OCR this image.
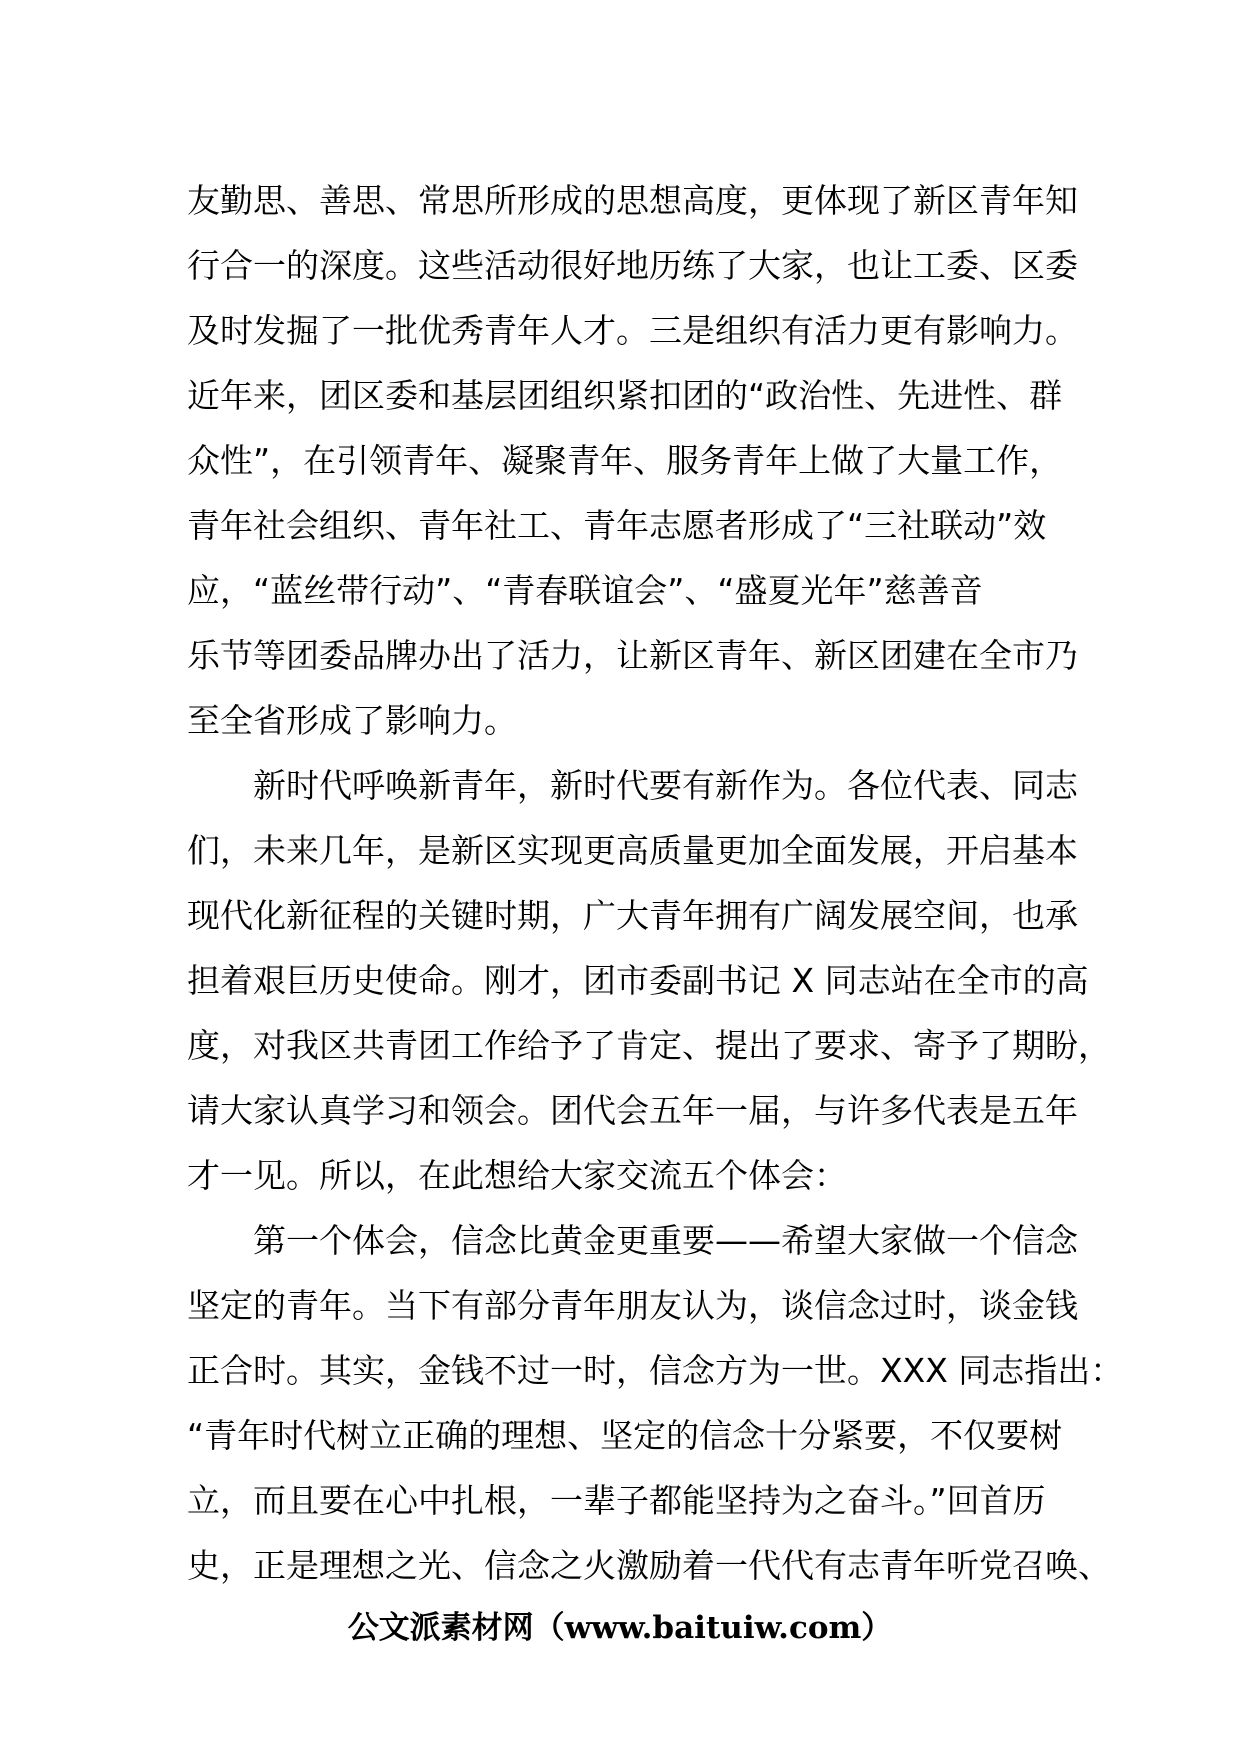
友勤思、善思、常思所形成的思想高度，更体现了新区青年知
行合一的深度。这些活动很好地历练了大家，也让工委、区委
及时发掘了一批优秀青年人才。三是组织有活力更有影响力。
近年来，团区委和基层团组织紧扣团的“政治性、先进性、群
众性”，在引领青年、凝聚青年、服务青年上做了大量工作，
青年社会组织、青年社工、青年志愿者形成了“三社联动”效
应，“蓝丝带行动”、“青春联谊会”、“盛夏光年”慈善音
乐节等团委品牌办出了活力，让新区青年、新区团建在全市乃
至全省形成了影响力。
新时代呼唤新青年，新时代要有新作为。各位代表、同志
们，未来几年，是新区实现更高质量更加全面发展，开启基本
现代化新征程的关键时期，广大青年拥有广阔发展空间，也承
担着艰巨历史使命。刚才，团市委副书记 X 同志站在全市的高
度，对我区共青团工作给予了肯定、提出了要求、寄予了期盼，
请大家认真学习和领会。团代会五年一届，与许多代表是五年
才一见。所以，在此想给大家交流五个体会：
第一个体会，信念比黄金更重要——希望大家做一个信念
坚定的青年。当下有部分青年朋友认为，谈信念过时，谈金钱
正合时。其实，金钱不过一时，信念方为一世。XXX 同志指出：
“青年时代树立正确的理想、坚定的信念十分紧要，不仅要树
立，而且要在心中扎根，一辈子都能坚持为之奋斗。”回首历
史，正是理想之光、信念之火激励着一代代有志青年听党召唤、
公文派素材网（www.baituiw.com）
